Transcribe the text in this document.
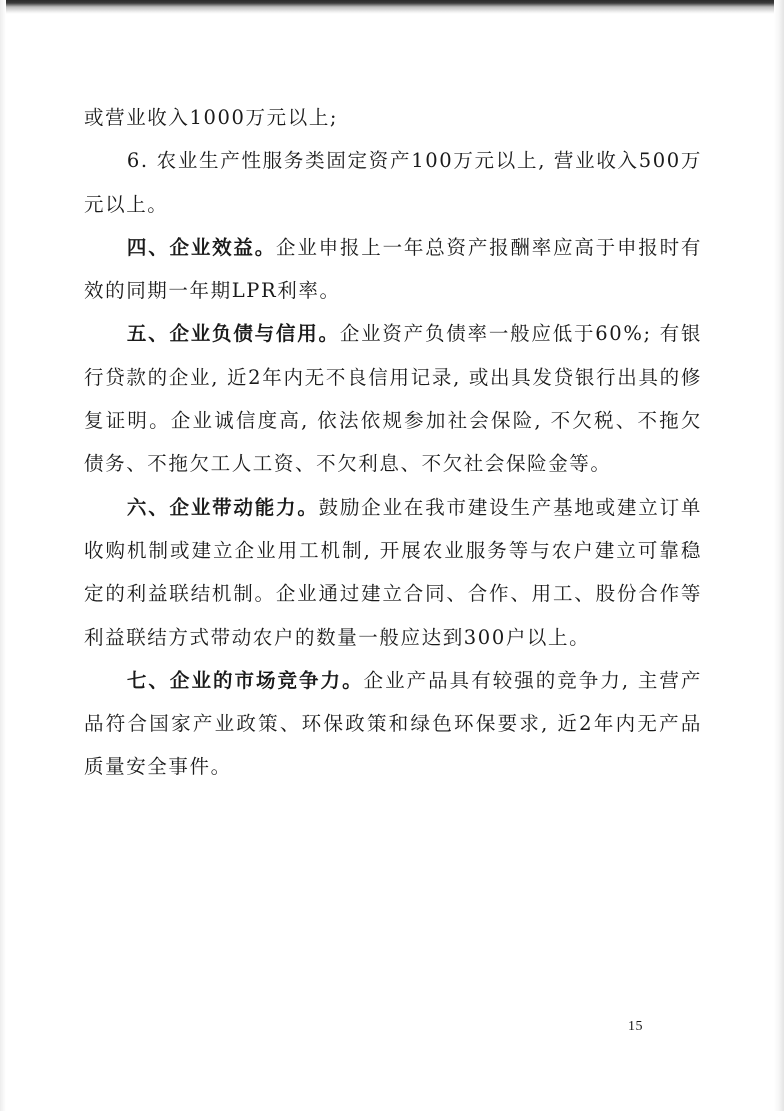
或营业收入1000万元以上;

6. 农业生产性服务类固定资产100万元以上, 营业收入500万元以上。

四、企业效益。企业申报上一年总资产报酬率应高于申报时有效的同期一年期LPR利率。

五、企业负债与信用。企业资产负债率一般应低于60%; 有银行贷款的企业, 近2年内无不良信用记录, 或出具发贷银行出具的修复证明。企业诚信度高, 依法依规参加社会保险, 不欠税、不拖欠债务、不拖欠工人工资、不欠利息、不欠社会保险金等。

六、企业带动能力。鼓励企业在我市建设生产基地或建立订单收购机制或建立企业用工机制, 开展农业服务等与农户建立可靠稳定的利益联结机制。企业通过建立合同、合作、用工、股份合作等利益联结方式带动农户的数量一般应达到300户以上。

七、企业的市场竞争力。企业产品具有较强的竞争力, 主营产品符合国家产业政策、环保政策和绿色环保要求, 近2年内无产品质量安全事件。

15
